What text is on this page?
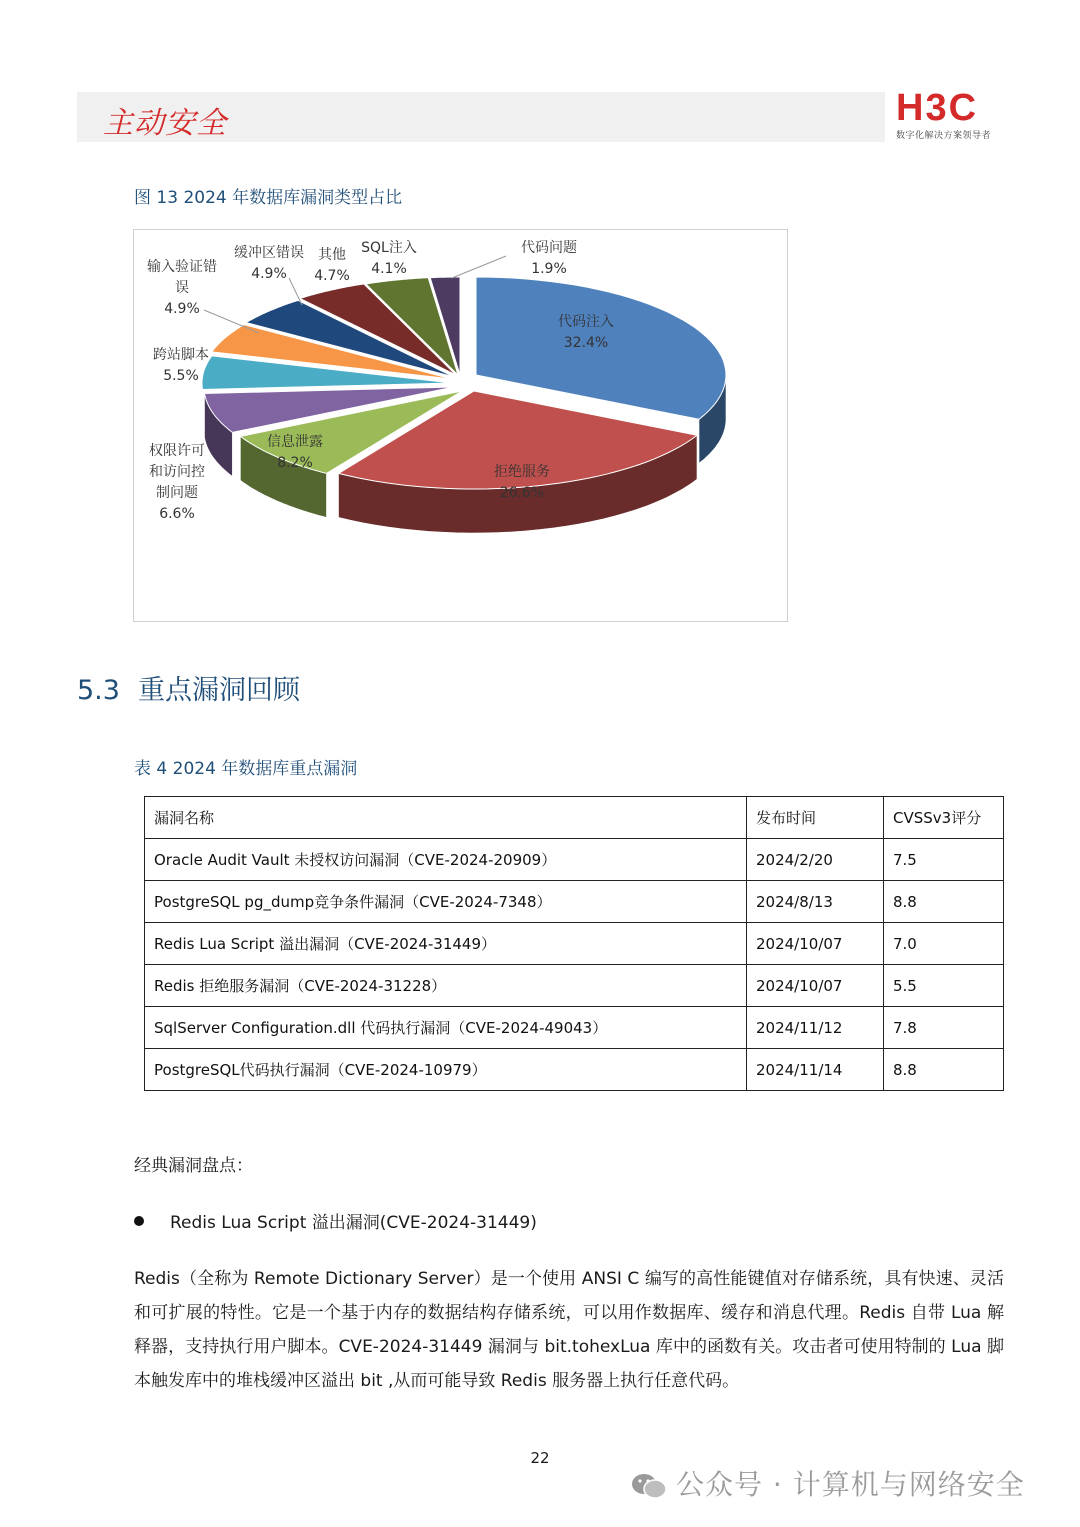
主动安全	H3C
数字化解决方案领导者
图 13 2024 年数据库漏洞类型占比
代码注入
32.4%
拒绝服务
26.6%
信息泄露
8.2%
权限许可
和访问控
制问题
6.6%
跨站脚本
5.5%
输入验证错
误
4.9%
缓冲区错误
4.9%
其他
4.7%
SQL注入
4.1%
代码问题
1.9%
5.3 重点漏洞回顾
表 4 2024 年数据库重点漏洞
漏洞名称	发布时间	CVSSv3评分
Oracle Audit Vault 未授权访问漏洞（CVE-2024-20909）	2024/2/20	7.5
PostgreSQL pg_dump竞争条件漏洞（CVE-2024-7348）	2024/8/13	8.8
Redis Lua Script 溢出漏洞（CVE-2024-31449）	2024/10/07	7.0
Redis 拒绝服务漏洞（CVE-2024-31228）	2024/10/07	5.5
SqlServer Configuration.dll 代码执行漏洞（CVE-2024-49043）	2024/11/12	7.8
PostgreSQL代码执行漏洞（CVE-2024-10979）	2024/11/14	8.8
经典漏洞盘点：
Redis Lua Script 溢出漏洞(CVE-2024-31449)
Redis（全称为 Remote Dictionary Server）是一个使用 ANSI C 编写的高性能键值对存储系统，具有快速、灵活和可扩展的特性。它是一个基于内存的数据结构存储系统，可以用作数据库、缓存和消息代理。Redis 自带 Lua 解释器，支持执行用户脚本。CVE-2024-31449 漏洞与 bit.tohexLua 库中的函数有关。攻击者可使用特制的 Lua 脚本触发库中的堆栈缓冲区溢出 bit ,从而可能导致 Redis 服务器上执行任意代码。
22
公众号 · 计算机与网络安全
